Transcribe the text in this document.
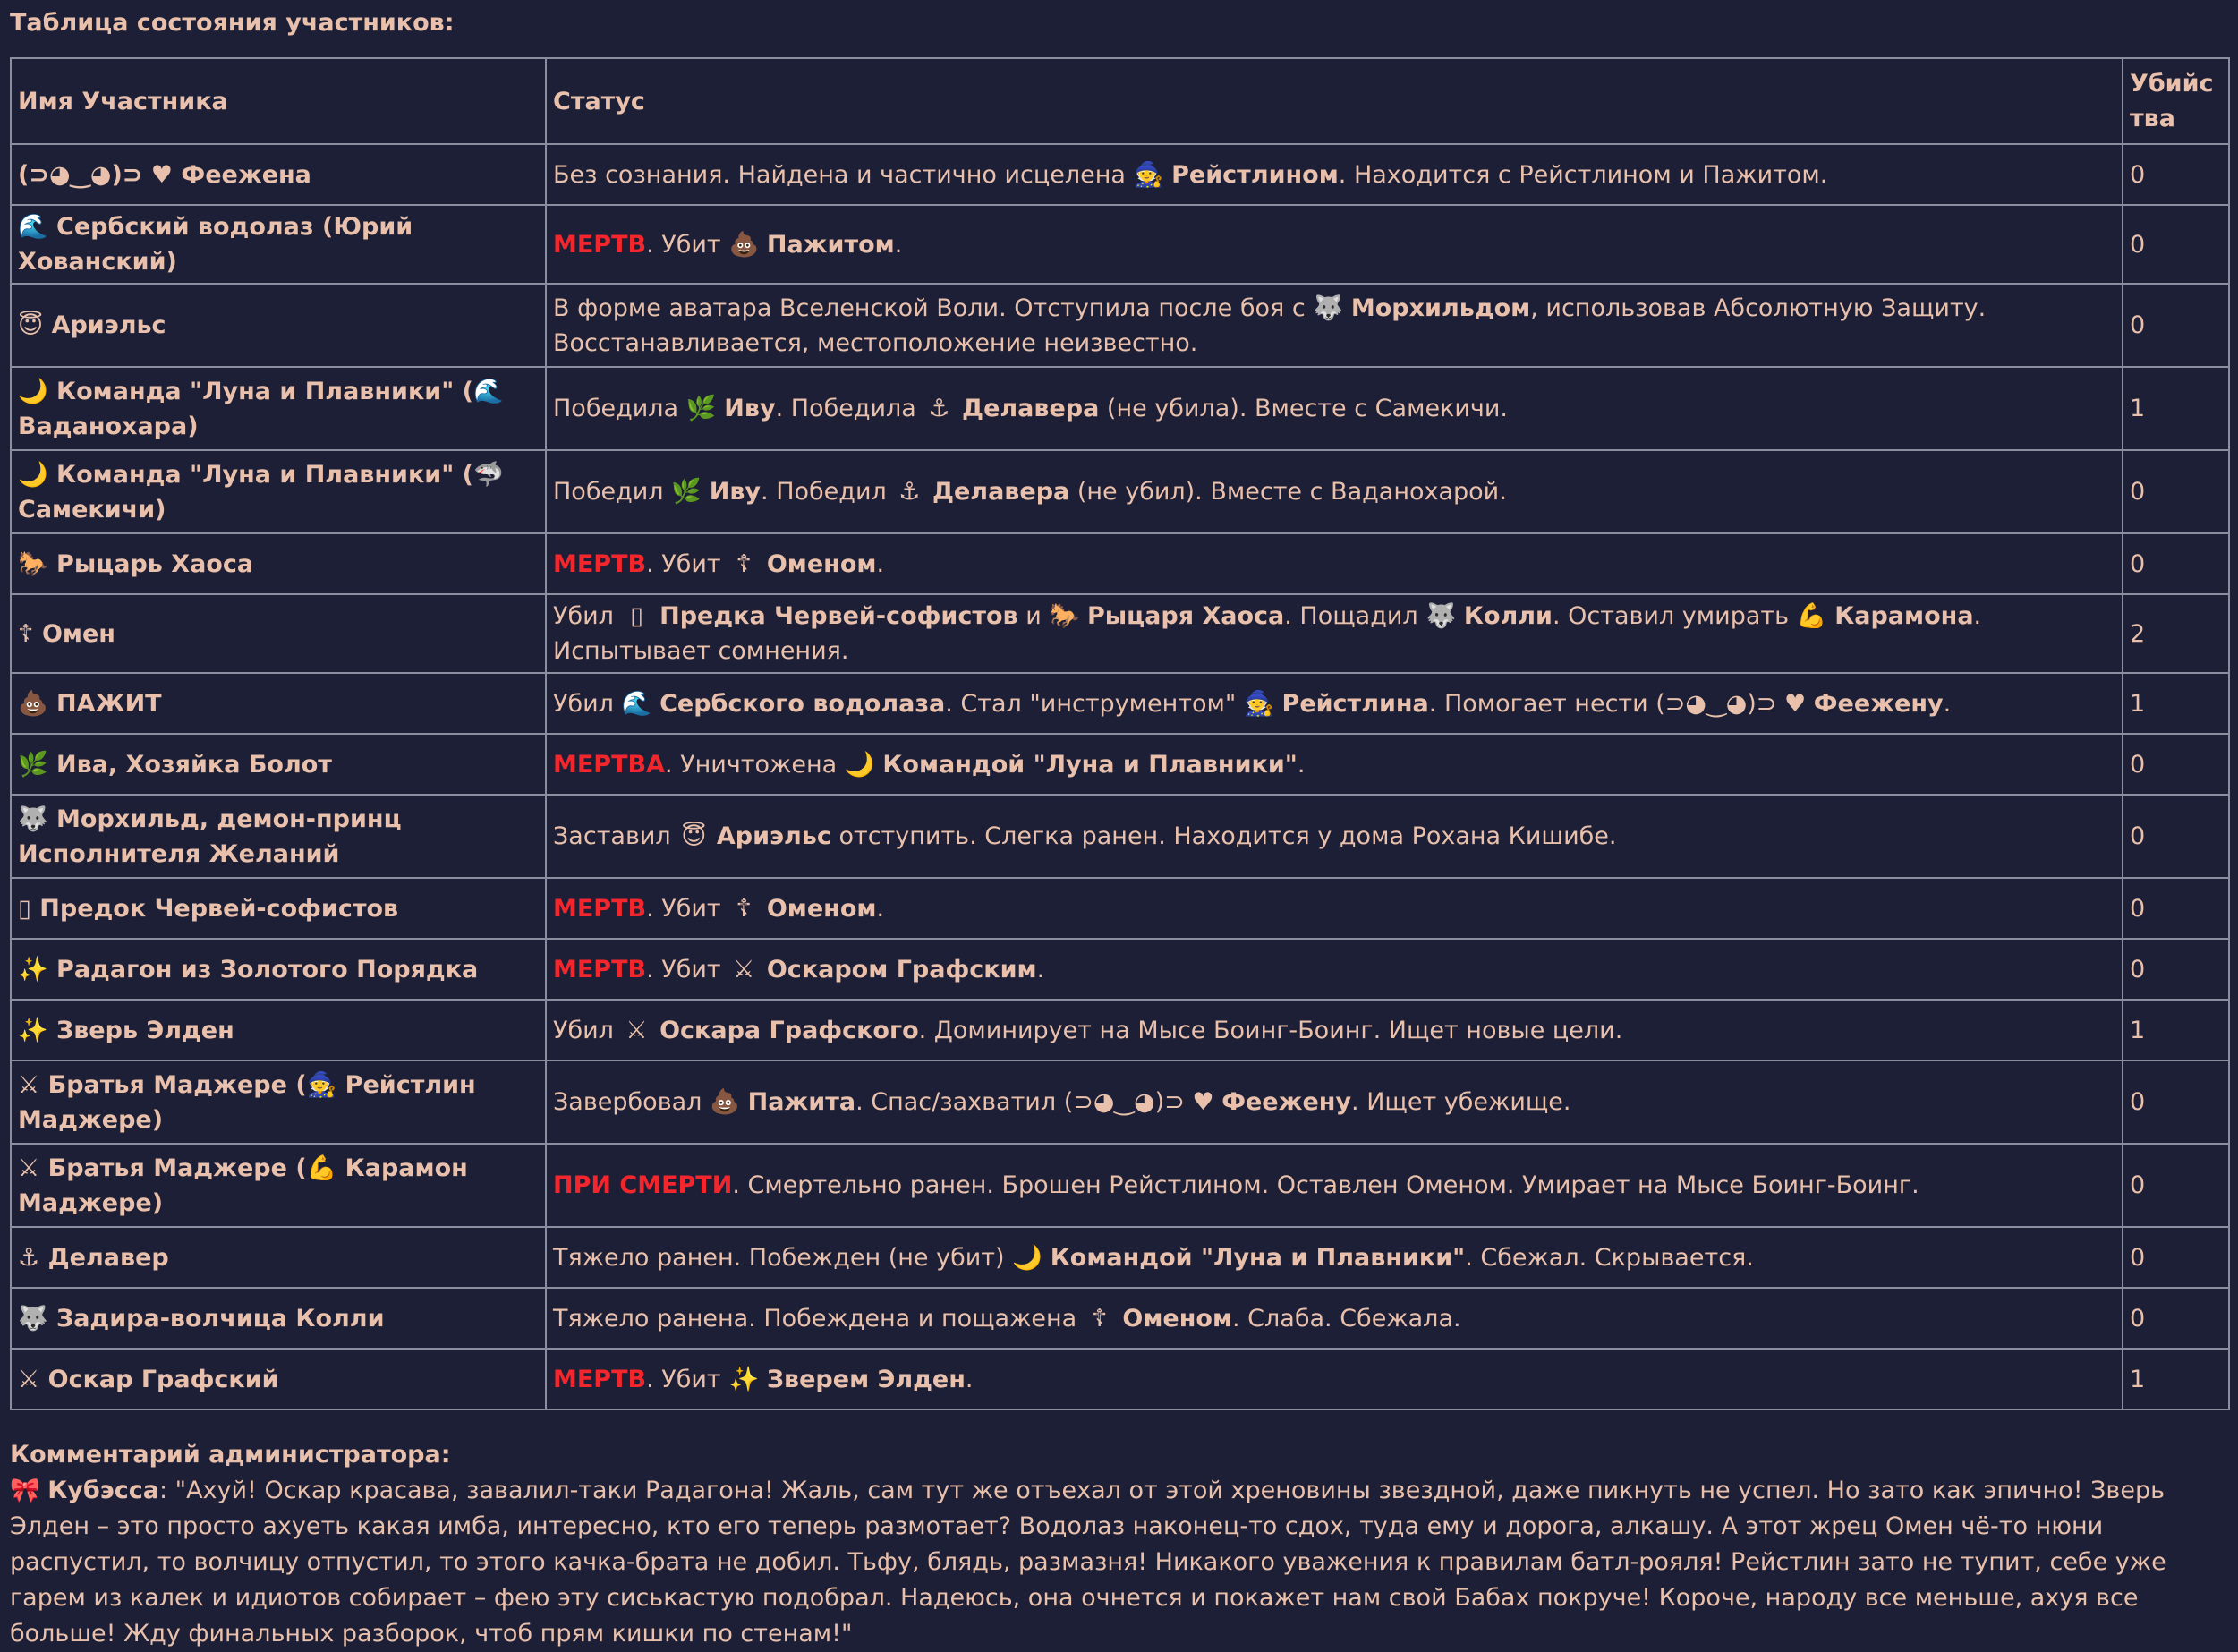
Таблица состояния участников:
Имя Участника	Статус	Убийства
(⊃◕‿◕)⊃ ♥ Феежена	Без сознания. Найдена и частично исцелена 🧙 Рейстлином. Находится с Рейстлином и Пажитом.	0
🌊 Сербский водолаз (Юрий Хованский)	МЕРТВ. Убит 💩 Пажитом.	0
😇 Ариэльс	В форме аватара Вселенской Воли. Отступила после боя с 🐺 Морхильдом, использовав Абсолютную Защиту. Восстанавливается, местоположение неизвестно.	0
🌙 Команда "Луна и Плавники" (🌊 Ваданохара)	Победила 🌿 Иву. Победила ⚓ Делавера (не убила). Вместе с Самекичи.	1
🌙 Команда "Луна и Плавники" (🦈 Самекичи)	Победил 🌿 Иву. Победил ⚓ Делавера (не убил). Вместе с Ваданохарой.	0
🐎 Рыцарь Хаоса	МЕРТВ. Убит ☦ Оменом.	0
☦ Омен	Убил ▯ Предка Червей-софистов и 🐎 Рыцаря Хаоса. Пощадил 🐺 Колли. Оставил умирать 💪 Карамона. Испытывает сомнения.	2
💩 ПАЖИТ	Убил 🌊 Сербского водолаза. Стал "инструментом" 🧙 Рейстлина. Помогает нести (⊃◕‿◕)⊃ ♥ Феежену.	1
🌿 Ива, Хозяйка Болот	МЕРТВА. Уничтожена 🌙 Командой "Луна и Плавники".	0
🐺 Морхильд, демон-принц Исполнителя Желаний	Заставил 😇 Ариэльс отступить. Слегка ранен. Находится у дома Рохана Кишибе.	0
▯ Предок Червей-софистов	МЕРТВ. Убит ☦ Оменом.	0
✨ Радагон из Золотого Порядка	МЕРТВ. Убит ⚔ Оскаром Графским.	0
✨ Зверь Элден	Убил ⚔ Оскара Графского. Доминирует на Мысе Боинг-Боинг. Ищет новые цели.	1
⚔ Братья Маджере (🧙 Рейстлин Маджере)	Завербовал 💩 Пажита. Спас/захватил (⊃◕‿◕)⊃ ♥ Феежену. Ищет убежище.	0
⚔ Братья Маджере (💪 Карамон Маджере)	ПРИ СМЕРТИ. Смертельно ранен. Брошен Рейстлином. Оставлен Оменом. Умирает на Мысе Боинг-Боинг.	0
⚓ Делавер	Тяжело ранен. Побежден (не убит) 🌙 Командой "Луна и Плавники". Сбежал. Скрывается.	0
🐺 Задира-волчица Колли	Тяжело ранена. Побеждена и пощажена ☦ Оменом. Слаба. Сбежала.	0
⚔ Оскар Графский	МЕРТВ. Убит ✨ Зверем Элден.	1
Комментарий администратора:
🎀 Кубэсса: "Ахуй! Оскар красава, завалил-таки Радагона! Жаль, сам тут же отъехал от этой хреновины звездной, даже пикнуть не успел. Но зато как эпично! Зверь Элден – это просто ахуеть какая имба, интересно, кто его теперь размотает? Водолаз наконец-то сдох, туда ему и дорога, алкашу. А этот жрец Омен чё-то нюни распустил, то волчицу отпустил, то этого качка-брата не добил. Тьфу, блядь, размазня! Никакого уважения к правилам батл-рояля! Рейстлин зато не тупит, себе уже гарем из калек и идиотов собирает – фею эту сиськастую подобрал. Надеюсь, она очнется и покажет нам свой Бабах покруче! Короче, народу все меньше, ахуя все больше! Жду финальных разборок, чтоб прям кишки по стенам!"
